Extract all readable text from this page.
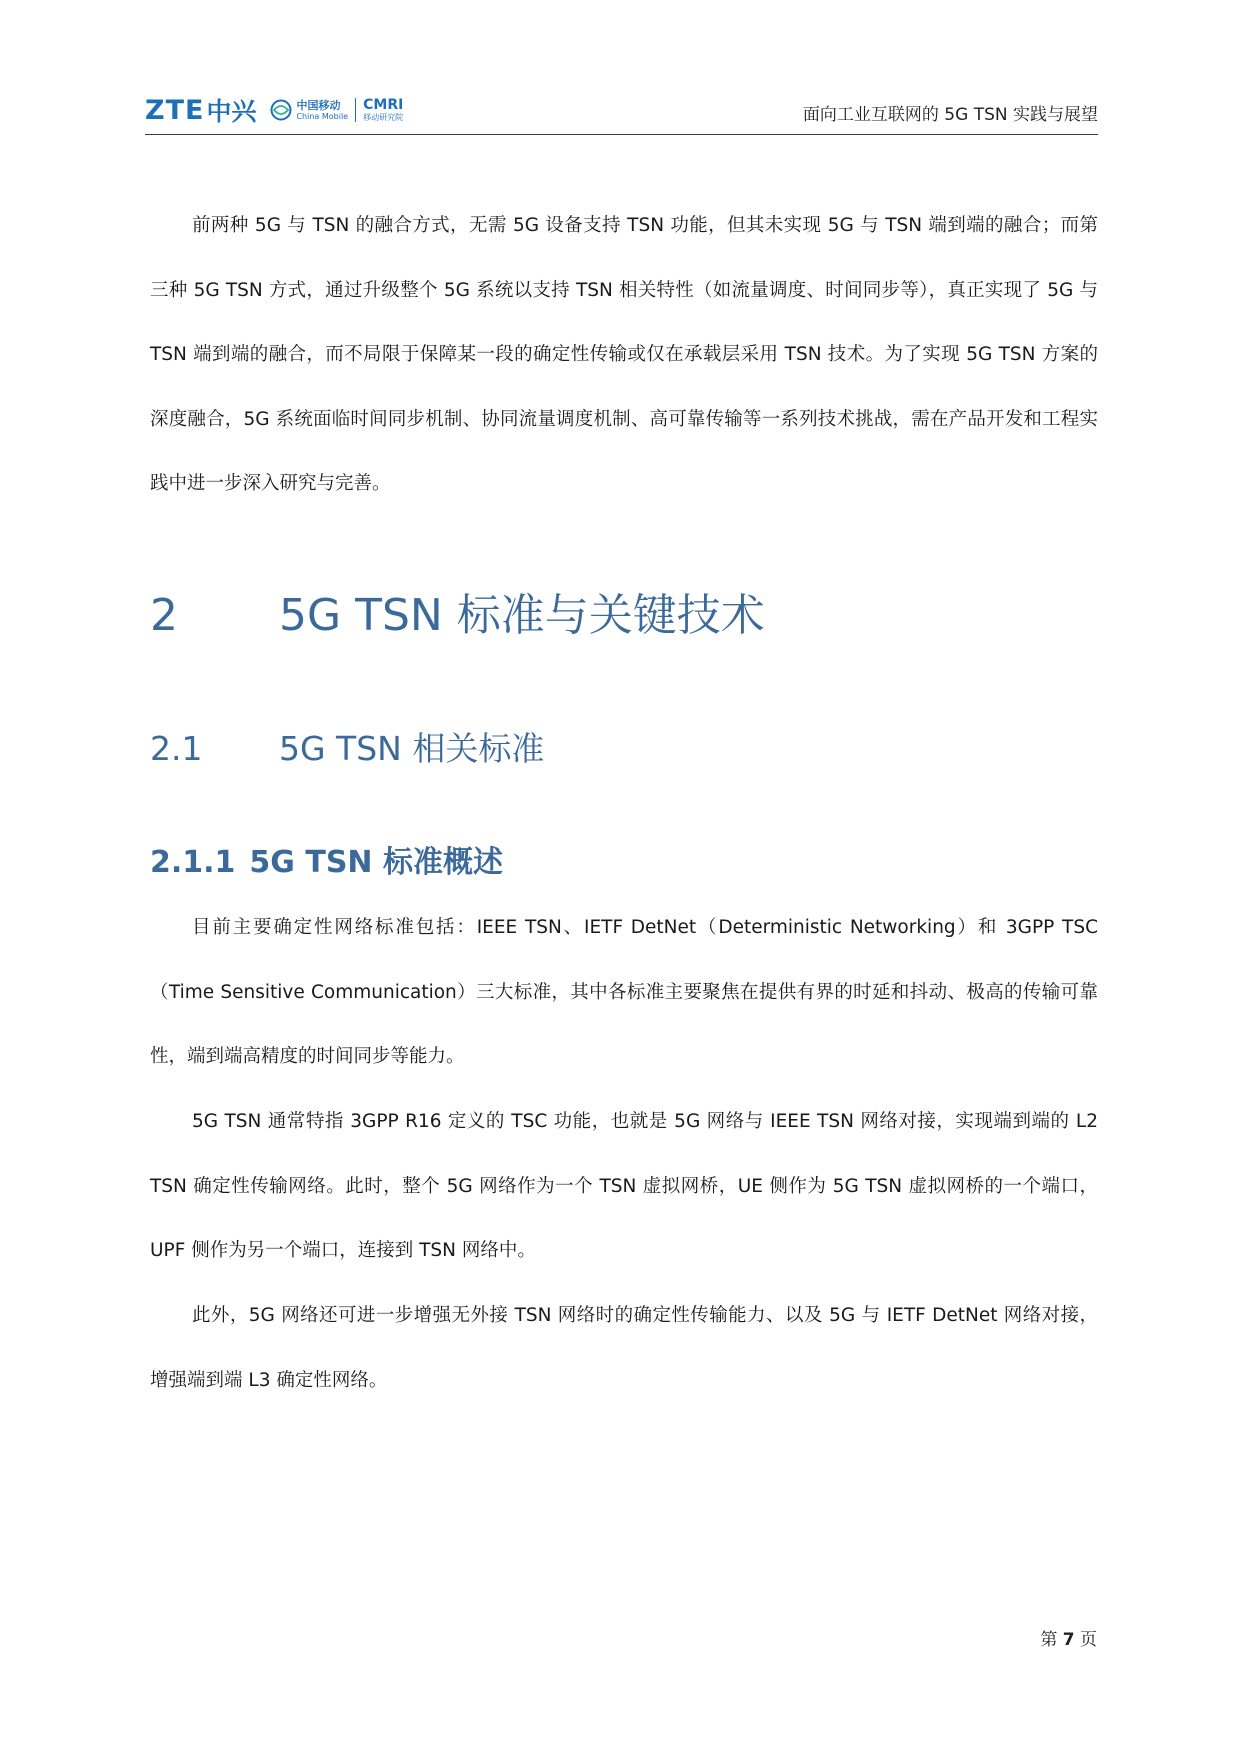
ZTE 中兴	中国移动
China Mobile
CMRI
移动研究院	面向工业互联网的 5G TSN 实践与展望

前两种 5G 与 TSN 的融合方式，无需 5G 设备支持 TSN 功能，但其未实现 5G 与 TSN 端到端的融合；而第三种 5G TSN 方式，通过升级整个 5G 系统以支持 TSN 相关特性（如流量调度、时间同步等），真正实现了 5G 与 TSN 端到端的融合，而不局限于保障某一段的确定性传输或仅在承载层采用 TSN 技术。为了实现 5G TSN 方案的深度融合，5G 系统面临时间同步机制、协同流量调度机制、高可靠传输等一系列技术挑战，需在产品开发和工程实践中进一步深入研究与完善。

2 5G TSN 标准与关键技术
2.1 5G TSN 相关标准
2.1.1 5G TSN 标准概述

目前主要确定性网络标准包括：IEEE TSN、IETF DetNet（Deterministic Networking）和 3GPP TSC（Time Sensitive Communication）三大标准，其中各标准主要聚焦在提供有界的时延和抖动、极高的传输可靠性，端到端高精度的时间同步等能力。

5G TSN 通常特指 3GPP R16 定义的 TSC 功能，也就是 5G 网络与 IEEE TSN 网络对接，实现端到端的 L2 TSN 确定性传输网络。此时，整个 5G 网络作为一个 TSN 虚拟网桥，UE 侧作为 5G TSN 虚拟网桥的一个端口，UPF 侧作为另一个端口，连接到 TSN 网络中。

此外，5G 网络还可进一步增强无外接 TSN 网络时的确定性传输能力、以及 5G 与 IETF DetNet 网络对接，增强端到端 L3 确定性网络。

第 7 页
